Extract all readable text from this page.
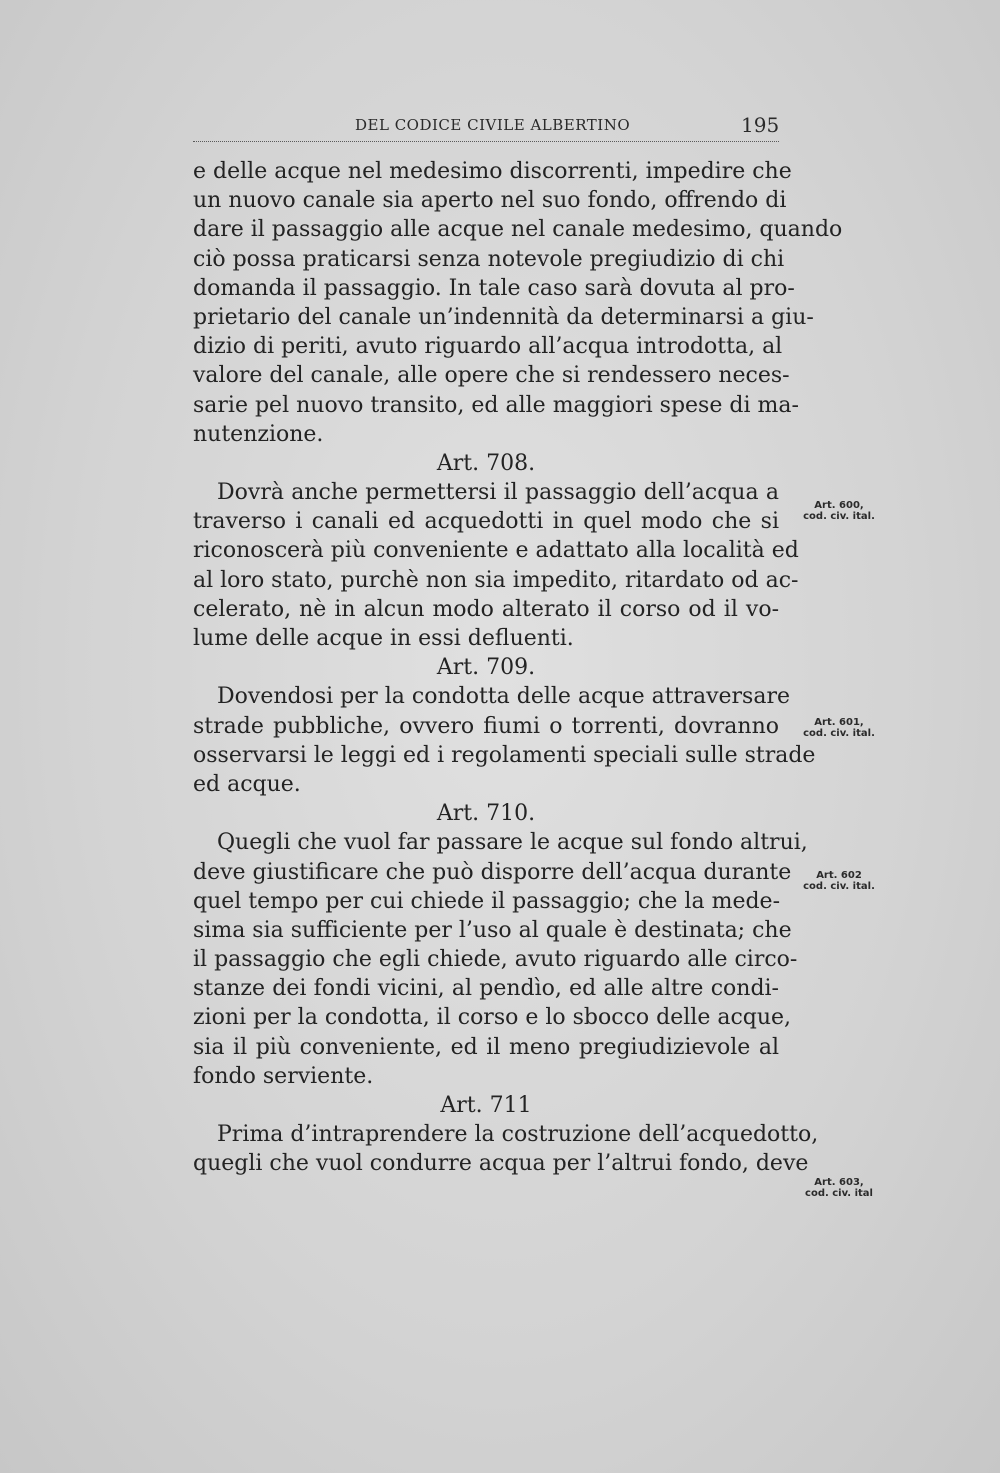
DEL CODICE CIVILE ALBERTINO	195
e delle acque nel medesimo discorrenti, impedire che
un nuovo canale sia aperto nel suo fondo, offrendo di
dare il passaggio alle acque nel canale medesimo, quando
ciò possa praticarsi senza notevole pregiudizio di chi
domanda il passaggio. In tale caso sarà dovuta al pro-
prietario del canale un’indennità da determinarsi a giu-
dizio di periti, avuto riguardo all’acqua introdotta, al
valore del canale, alle opere che si rendessero neces-
sarie pel nuovo transito, ed alle maggiori spese di ma-
nutenzione.
Art. 708.
Dovrà anche permettersi il passaggio dell’acqua a
traverso i canali ed acquedotti in quel modo che si
riconoscerà più conveniente e adattato alla località ed
al loro stato, purchè non sia impedito, ritardato od ac-
celerato, nè in alcun modo alterato il corso od il vo-
lume delle acque in essi defluenti.
Art. 709.
Dovendosi per la condotta delle acque attraversare
strade pubbliche, ovvero fiumi o torrenti, dovranno
osservarsi le leggi ed i regolamenti speciali sulle strade
ed acque.
Art. 710.
Quegli che vuol far passare le acque sul fondo altrui,
deve giustificare che può disporre dell’acqua durante
quel tempo per cui chiede il passaggio; che la mede-
sima sia sufficiente per l’uso al quale è destinata; che
il passaggio che egli chiede, avuto riguardo alle circo-
stanze dei fondi vicini, al pendìo, ed alle altre condi-
zioni per la condotta, il corso e lo sbocco delle acque,
sia il più conveniente, ed il meno pregiudizievole al
fondo serviente.
Art. 711
Prima d’intraprendere la costruzione dell’acquedotto,
quegli che vuol condurre acqua per l’altrui fondo, deve
Art. 600,
cod. civ. ital.
Art. 601,
cod. civ. ital.
Art. 602
cod. civ. ital.
Art. 603,
cod. civ. ital
